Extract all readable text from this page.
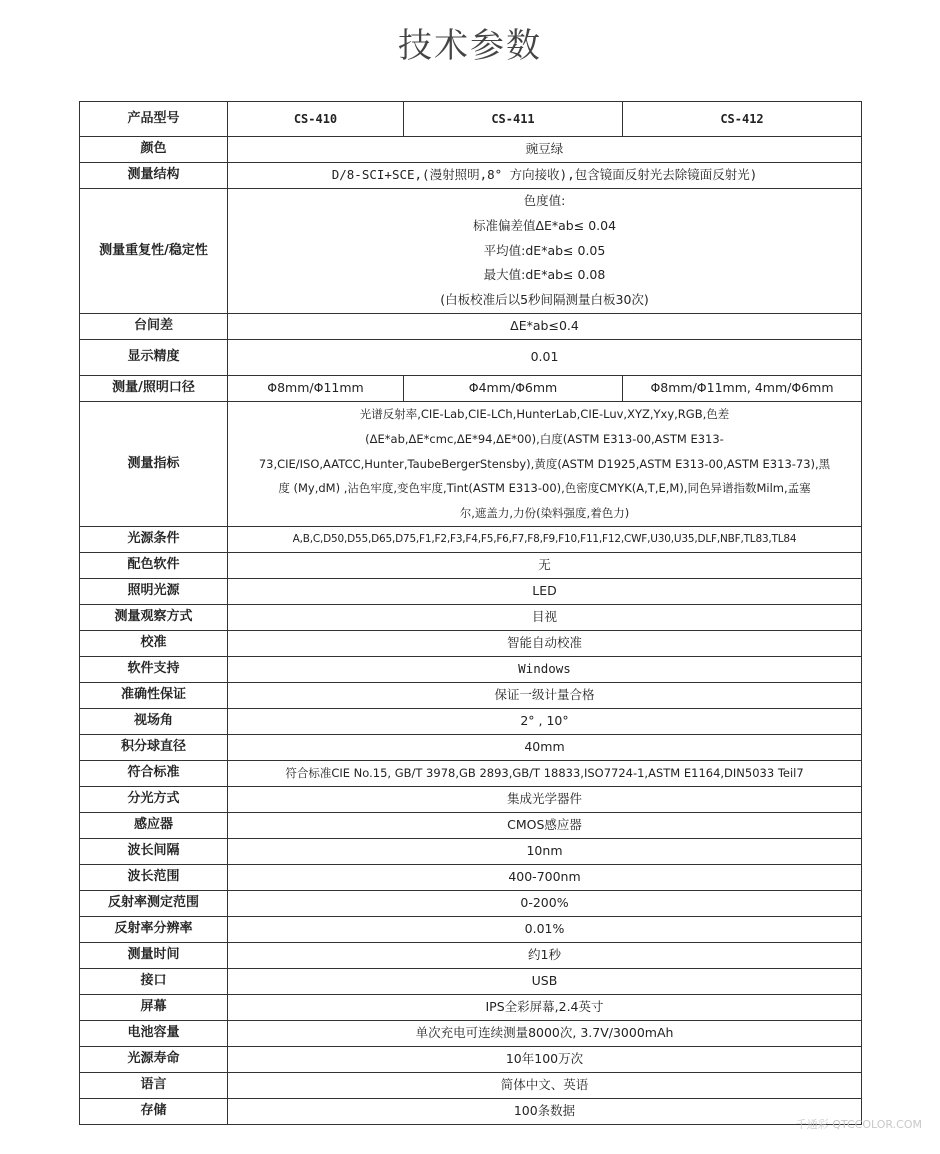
技术参数
产品型号	CS-410	CS-411	CS-412
颜色	豌豆绿		
测量结构	D/8-SCI+SCE,(漫射照明,8° 方向接收),包含镜面反射光去除镜面反射光)		
测量重复性/稳定性	色度值:
标准偏差值ΔE*ab≤ 0.04
平均值:dE*ab≤ 0.05
最大值:dE*ab≤ 0.08
(白板校准后以5秒间隔测量白板30次)		

台间差	ΔE*ab≤0.4		
显示精度	0.01		
测量/照明口径	Φ8mm/Φ11mm	Φ4mm/Φ6mm	Φ8mm/Φ11mm, 4mm/Φ6mm
测量指标	光谱反射率,CIE-Lab,CIE-LCh,HunterLab,CIE-Luv,XYZ,Yxy,RGB,色差
(ΔE*ab,ΔE*cmc,ΔE*94,ΔE*00),白度(ASTM E313-00,ASTM E313-
73,CIE/ISO,AATCC,Hunter,TaubeBergerStensby),黄度(ASTM D1925,ASTM E313-00,ASTM E313-73),黑
度 (My,dM) ,沾色牢度,变色牢度,Tint(ASTM E313-00),色密度CMYK(A,T,E,M),同色异谱指数Milm,孟塞
尔,遮盖力,力份(染料强度,着色力)		

光源条件	A,B,C,D50,D55,D65,D75,F1,F2,F3,F4,F5,F6,F7,F8,F9,F10,F11,F12,CWF,U30,U35,DLF,NBF,TL83,TL84		
配色软件	无		
照明光源	LED		
测量观察方式	目视		
校准	智能自动校准		
软件支持	Windows		
准确性保证	保证一级计量合格		
视场角	2° , 10°		
积分球直径	40mm		
符合标准	符合标准CIE No.15, GB/T 3978,GB 2893,GB/T 18833,ISO7724-1,ASTM E1164,DIN5033 Teil7		
分光方式	集成光学器件		
感应器	CMOS感应器		
波长间隔	10nm		
波长范围	400-700nm		
反射率测定范围	0-200%		
反射率分辨率	0.01%		
测量时间	约1秒		
接口	USB		
屏幕	IPS全彩屏幕,2.4英寸		
电池容量	单次充电可连续测量8000次, 3.7V/3000mAh		
光源寿命	10年100万次		
语言	简体中文、英语		
存储	100条数据		
千通彩 QTCCOLOR.COM
